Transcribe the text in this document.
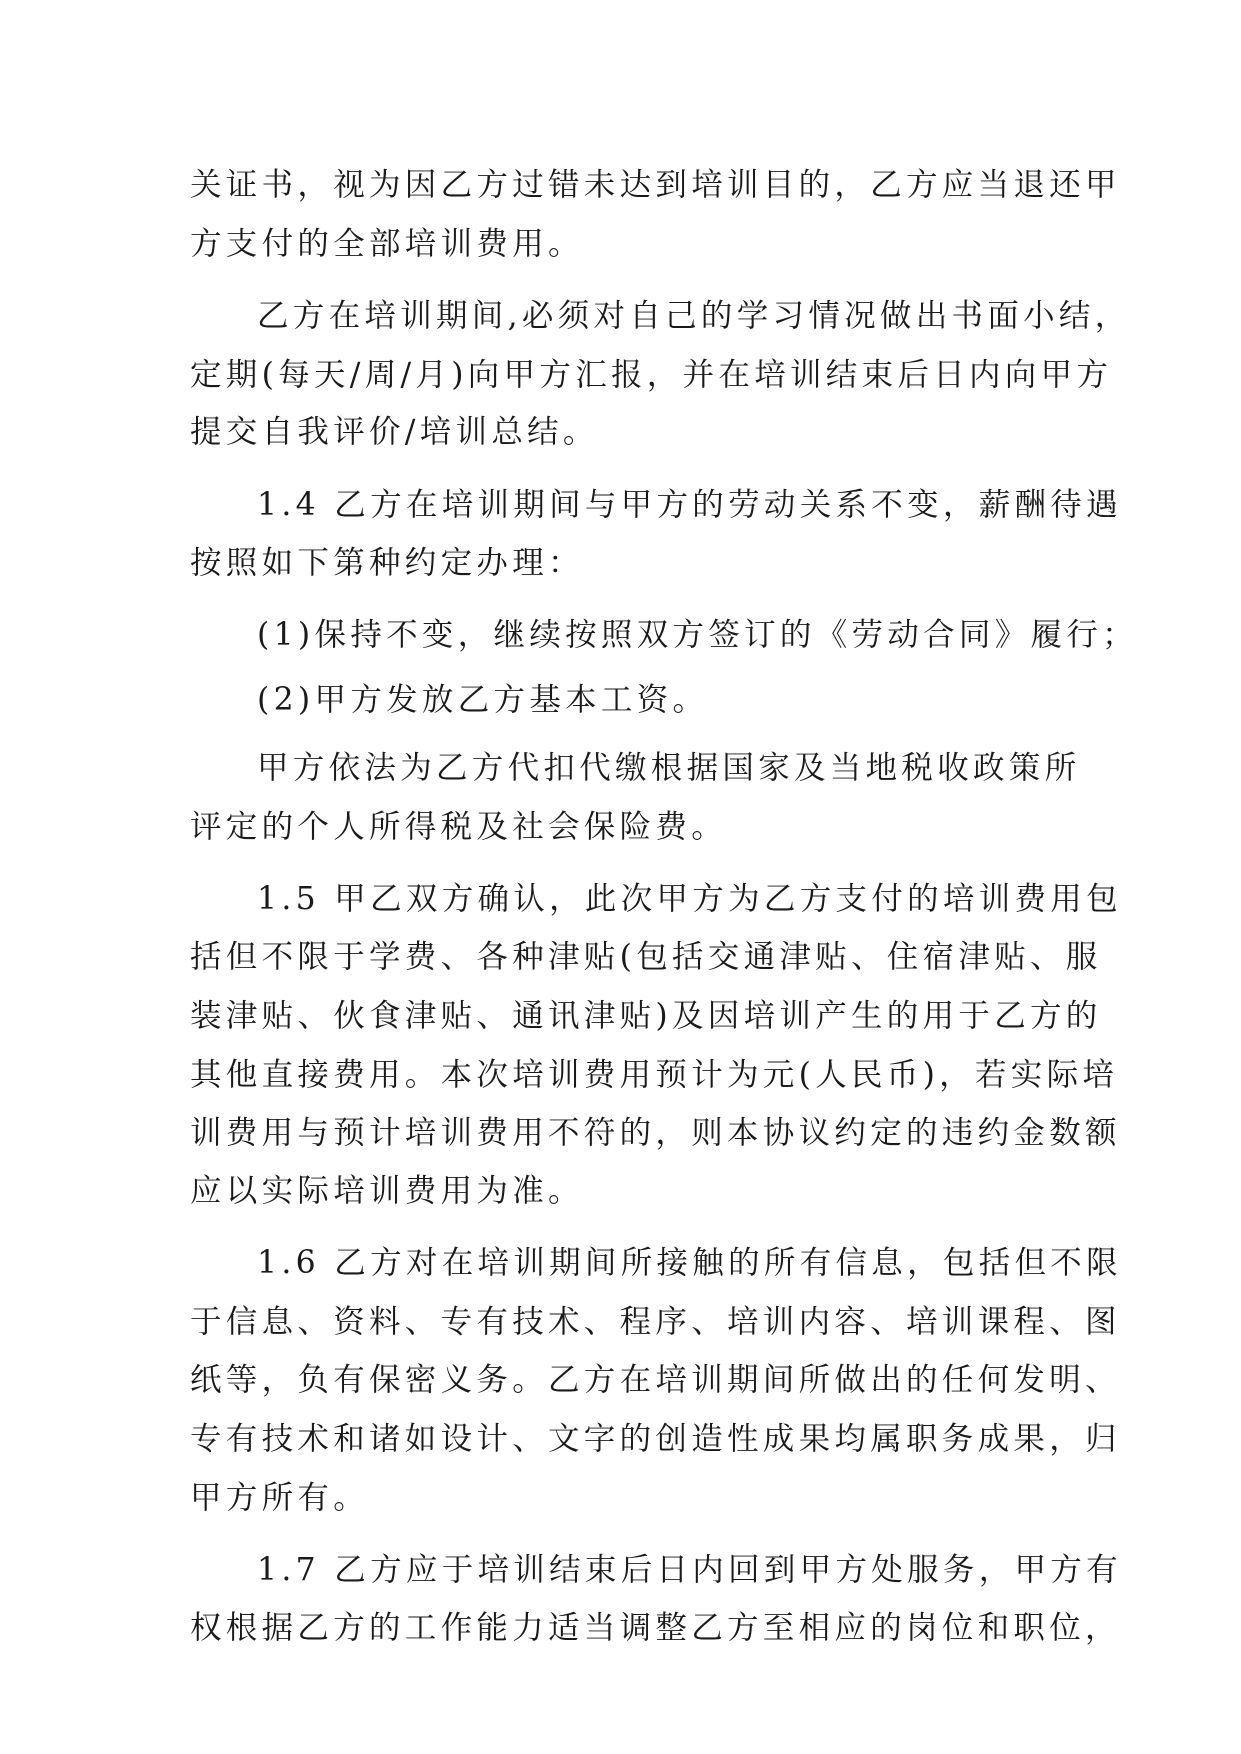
关证书，视为因乙方过错未达到培训目的，乙方应当退还甲
方支付的全部培训费用。
乙方在培训期间,必须对自己的学习情况做出书面小结，
定期(每天/周/月)向甲方汇报，并在培训结束后日内向甲方
提交自我评价/培训总结。
1.4 乙方在培训期间与甲方的劳动关系不变，薪酬待遇
按照如下第种约定办理：
(1)保持不变，继续按照双方签订的《劳动合同》履行；
(2)甲方发放乙方基本工资。
甲方依法为乙方代扣代缴根据国家及当地税收政策所
评定的个人所得税及社会保险费。
1.5 甲乙双方确认，此次甲方为乙方支付的培训费用包
括但不限于学费、各种津贴(包括交通津贴、住宿津贴、服
装津贴、伙食津贴、通讯津贴)及因培训产生的用于乙方的
其他直接费用。本次培训费用预计为元(人民币)，若实际培
训费用与预计培训费用不符的，则本协议约定的违约金数额
应以实际培训费用为准。
1.6 乙方对在培训期间所接触的所有信息，包括但不限
于信息、资料、专有技术、程序、培训内容、培训课程、图
纸等，负有保密义务。乙方在培训期间所做出的任何发明、
专有技术和诸如设计、文字的创造性成果均属职务成果，归
甲方所有。
1.7 乙方应于培训结束后日内回到甲方处服务，甲方有
权根据乙方的工作能力适当调整乙方至相应的岗位和职位，
